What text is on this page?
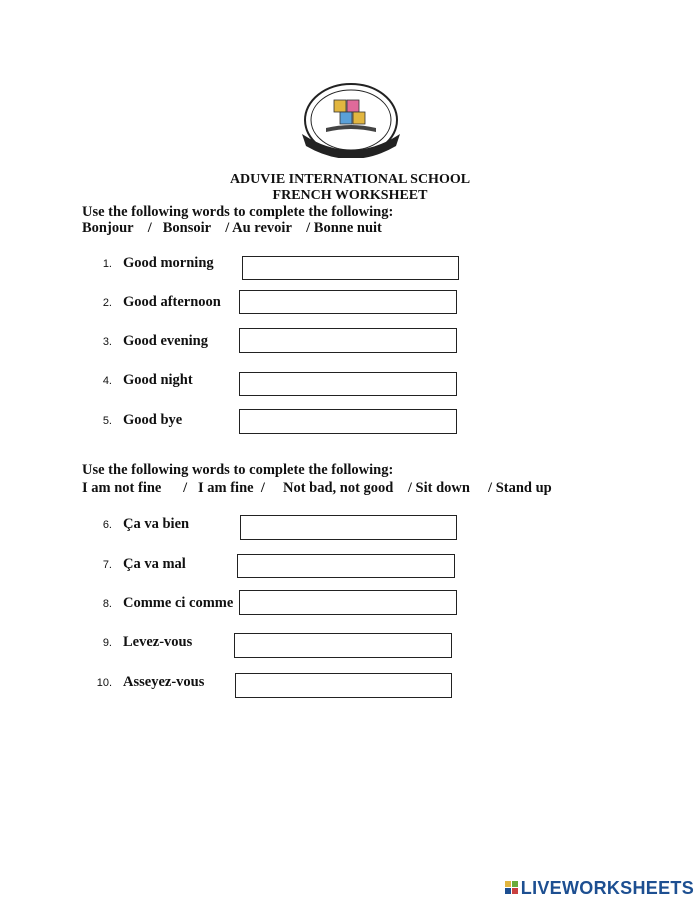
ADUVIE INTERNATIONAL SCHOOL
FRENCH WORKSHEET
Use the following words to complete the following:
Bonjour    /   Bonsoir    / Au revoir    / Bonne nuit
1. Good morning
2. Good afternoon
3. Good evening
4. Good night
5. Good bye
Use the following words to complete the following:
I am not fine      /   I am fine  /     Not bad, not good    / Sit down     / Stand up
6. Ça va bien
7. Ça va mal
8. Comme ci comme
9. Levez-vous
10. Asseyez-vous
LIVEWORKSHEETS
